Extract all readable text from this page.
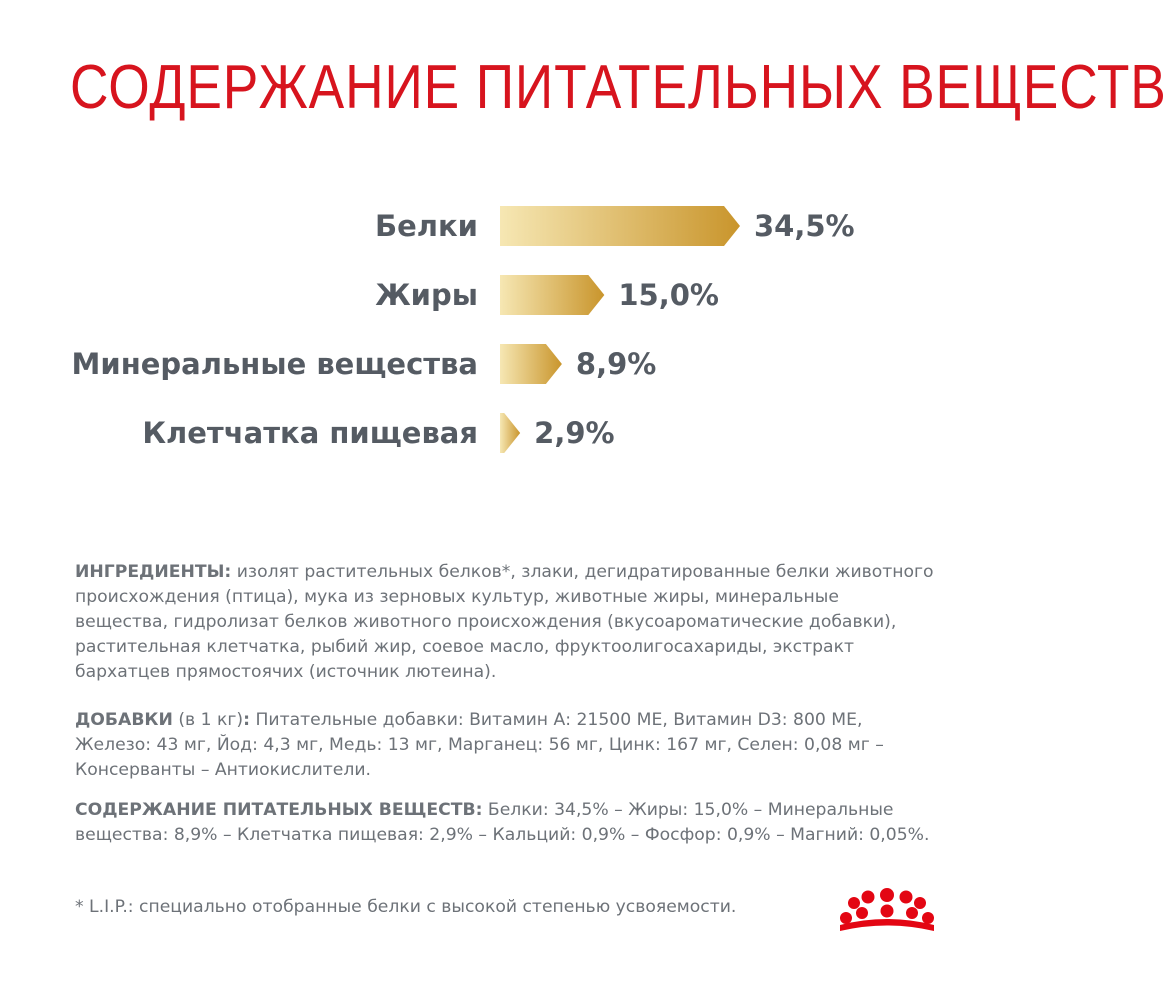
СОДЕРЖАНИЕ ПИТАТЕЛЬНЫХ ВЕЩЕСТВ
Белки	34,5%
Жиры	15,0%
Минеральные вещества	8,9%
Клетчатка пищевая 2,9%
ИНГРЕДИЕНТЫ: изолят растительных белков*, злаки, дегидратированные белки животного происхождения (птица), мука из зерновых культур, животные жиры, минеральные вещества, гидролизат белков животного происхождения (вкусоароматические добавки), растительная клетчатка, рыбий жир, соевое масло, фруктоолигосахариды, экстракт бархатцев прямостоячих (источник лютеина).
ДОБАВКИ (в 1 кг): Питательные добавки: Витамин А: 21500 МЕ, Витамин D3: 800 МЕ, Железо: 43 мг, Йод: 4,3 мг, Медь: 13 мг, Марганец: 56 мг, Цинк: 167 мг, Селен: 0,08 мг – Консерванты – Антиокислители.
СОДЕРЖАНИЕ ПИТАТЕЛЬНЫХ ВЕЩЕСТВ: Белки: 34,5% – Жиры: 15,0% – Минеральные вещества: 8,9% – Клетчатка пищевая: 2,9% – Кальций: 0,9% – Фосфор: 0,9% – Магний: 0,05%.
* L.I.P.: специально отобранные белки с высокой степенью усвояемости.
